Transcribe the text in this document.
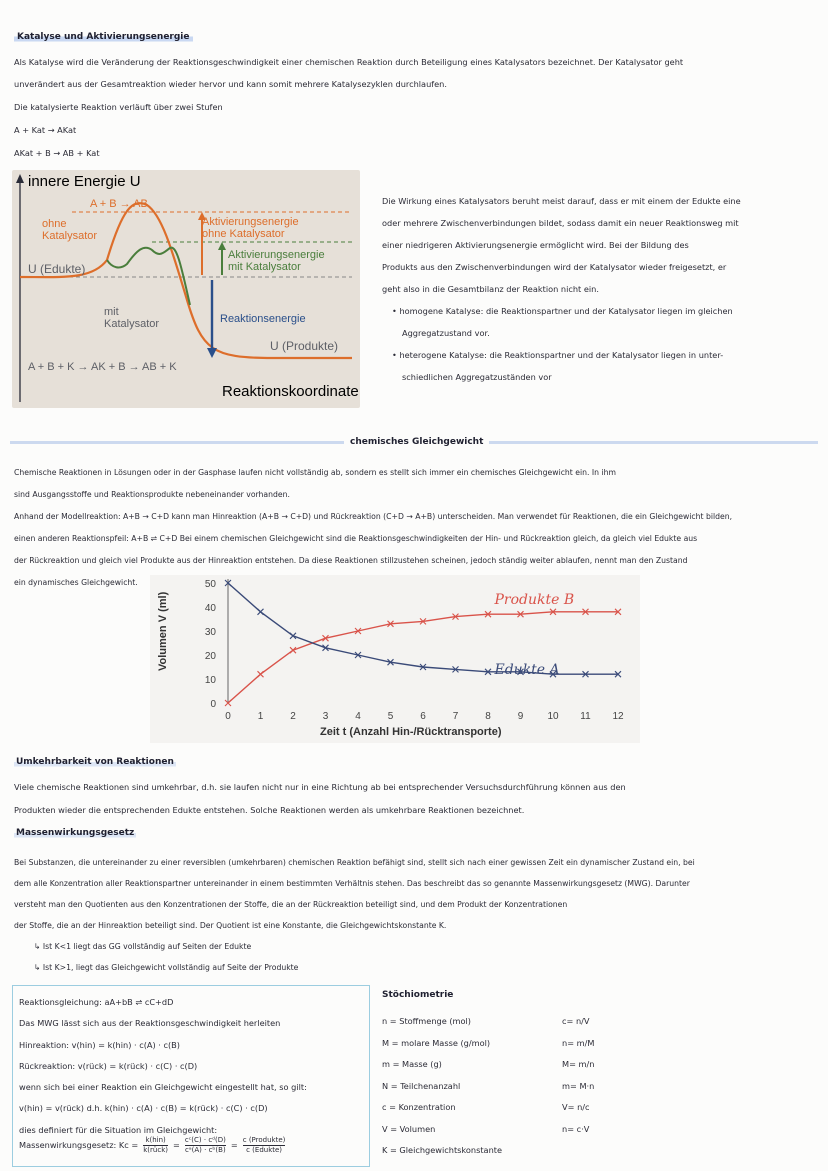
Katalyse und Aktivierungsenergie
Als Katalyse wird die Veränderung der Reaktionsgeschwindigkeit einer chemischen Reaktion durch Beteiligung eines Katalysators bezeichnet. Der Katalysator geht
unverändert aus der Gesamtreaktion wieder hervor und kann somit mehrere Katalysezyklen durchlaufen.
Die katalysierte Reaktion verläuft über zwei Stufen
A + Kat → AKat
AKat + B → AB + Kat
innere Energie U
A + B → AB
ohne
Katalysator
Aktivierungsenergie
ohne Katalysator
Aktivierungsenergie
mit Katalysator
U (Edukte)
mit
Katalysator	Reaktionsenergie
U (Produkte)
A + B + K → AK + B → AB + K
Reaktionskoordinate
Die Wirkung eines Katalysators beruht meist darauf, dass er mit einem der Edukte eine
oder mehrere Zwischenverbindungen bildet, sodass damit ein neuer Reaktionsweg mit
einer niedrigeren Aktivierungsenergie ermöglicht wird. Bei der Bildung des
Produkts aus den Zwischenverbindungen wird der Katalysator wieder freigesetzt, er
geht also in die Gesamtbilanz der Reaktion nicht ein.
• homogene Katalyse: die Reaktionspartner und der Katalysator liegen im gleichen
Aggregatzustand vor.
• heterogene Katalyse: die Reaktionspartner und der Katalysator liegen in unter-
schiedlichen Aggregatzuständen vor
chemisches Gleichgewicht
Chemische Reaktionen in Lösungen oder in der Gasphase laufen nicht vollständig ab, sondern es stellt sich immer ein chemisches Gleichgewicht ein. In ihm
sind Ausgangsstoffe und Reaktionsprodukte nebeneinander vorhanden.
Anhand der Modellreaktion: A+B → C+D kann man Hinreaktion (A+B → C+D) und Rückreaktion (C+D → A+B) unterscheiden. Man verwendet für Reaktionen, die ein Gleichgewicht bilden,
einen anderen Reaktionspfeil: A+B ⇌ C+D Bei einem chemischen Gleichgewicht sind die Reaktionsgeschwindigkeiten der Hin- und Rückreaktion gleich, da gleich viel Edukte aus
der Rückreaktion und gleich viel Produkte aus der Hinreaktion entstehen. Da diese Reaktionen stillzustehen scheinen, jedoch ständig weiter ablaufen, nennt man den Zustand
ein dynamisches Gleichgewicht.
0
10
20
30
40
50
0	1	2	3	4	5	6	7	8	9 10 11 12
Produkte B
Edukte A
Volumen V (ml)
Zeit t (Anzahl Hin-/Rücktransporte)
Umkehrbarkeit von Reaktionen
Viele chemische Reaktionen sind umkehrbar, d.h. sie laufen nicht nur in eine Richtung ab bei entsprechender Versuchsdurchführung können aus den
Produkten wieder die entsprechenden Edukte entstehen. Solche Reaktionen werden als umkehrbare Reaktionen bezeichnet.
Massenwirkungsgesetz
Bei Substanzen, die untereinander zu einer reversiblen (umkehrbaren) chemischen Reaktion befähigt sind, stellt sich nach einer gewissen Zeit ein dynamischer Zustand ein, bei
dem alle Konzentration aller Reaktionspartner untereinander in einem bestimmten Verhältnis stehen. Das beschreibt das so genannte Massenwirkungsgesetz (MWG). Darunter
versteht man den Quotienten aus den Konzentrationen der Stoffe, die an der Rückreaktion beteiligt sind, und dem Produkt der Konzentrationen
der Stoffe, die an der Hinreaktion beteiligt sind. Der Quotient ist eine Konstante, die Gleichgewichtskonstante K.
↳ Ist K<1 liegt das GG vollständig auf Seiten der Edukte
↳ Ist K>1, liegt das Gleichgewicht vollständig auf Seite der Produkte
Reaktionsgleichung: aA+bB ⇌ cC+dD
Das MWG lässt sich aus der Reaktionsgeschwindigkeit herleiten
Hinreaktion: v(hin) = k(hin) · c(A) · c(B)
Rückreaktion: v(rück) = k(rück) · c(C) · c(D)
wenn sich bei einer Reaktion ein Gleichgewicht eingestellt hat, so gilt:
v(hin) = v(rück) d.h. k(hin) · c(A) · c(B) = k(rück) · c(C) · c(D)
dies definiert für die Situation im Gleichgewicht:
Massenwirkungsgesetz: Kc =
k(hin)
k(rück) = $\frac{\text{cᶜ(C) · cᵈ(D)}}{\text{cᵃ(A) · cᵇ(B)}}$ =
c (Produkte)
c (Edukte)
Stöchiometrie
n = Stoffmenge (mol)	c= n/V
M = molare Masse (g/mol)	n= m/M
m = Masse (g)	M= m/n
N = Teilchenanzahl	m= M·n
c = Konzentration	V= n/c
V = Volumen	n= c·V
K = Gleichgewichtskonstante
